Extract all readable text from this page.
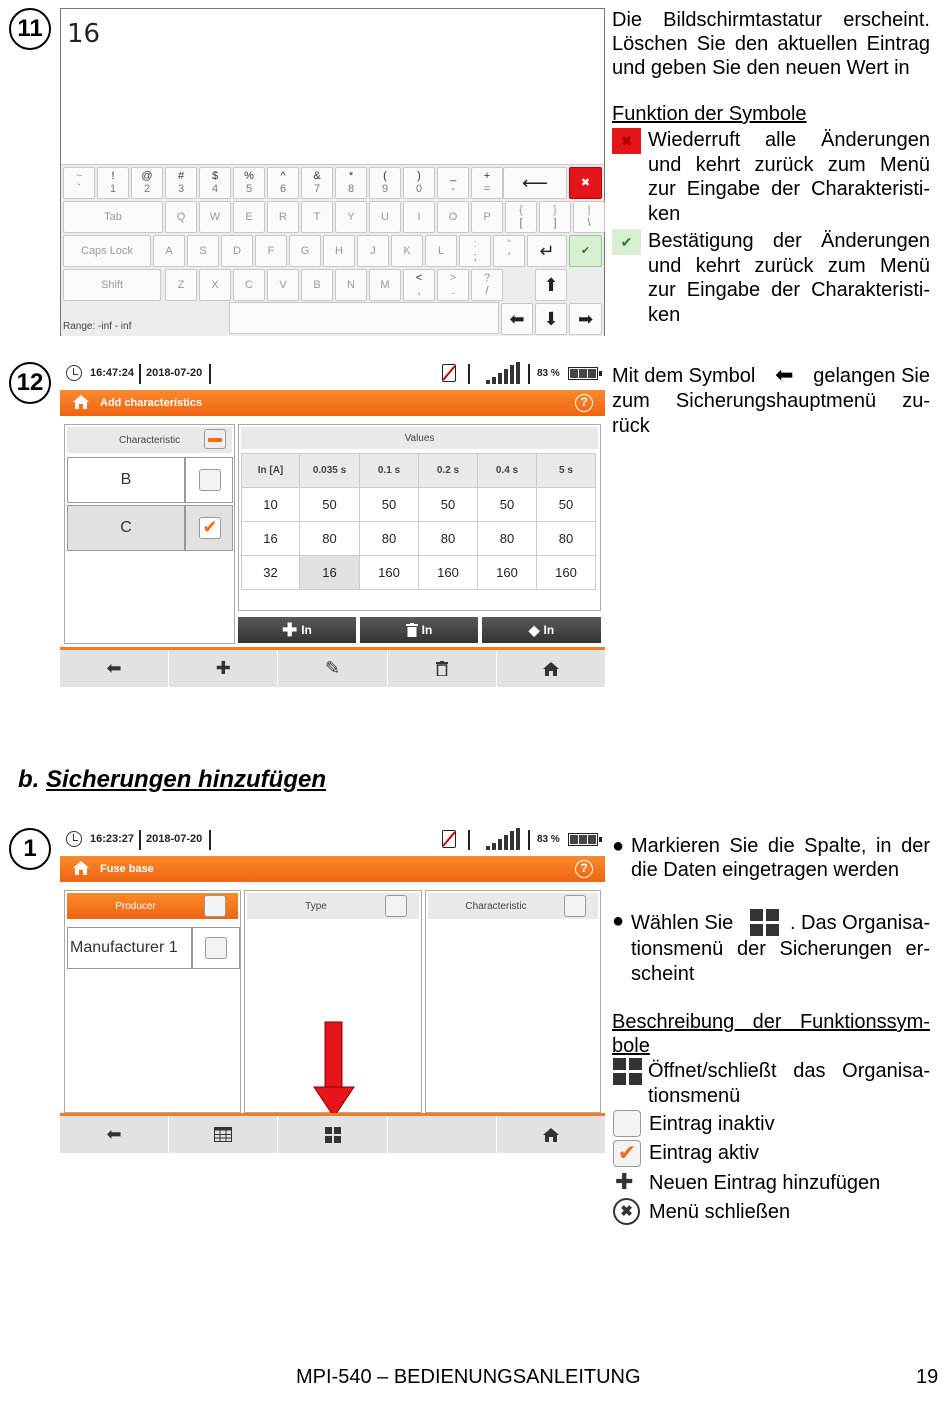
11 16
Range: -inf - inf
~
`
!
1
@
2
#
3
$
4
%
5
^
6
&
7
*
8
(
9
)
0
_
-
+
= ⟵	✖
Tab	Q W E R T Y U	I	O P
{
[
}
]
|
\
Caps Lock	A S D F G H J	K L
:
;
"
' ↵ ✔
Shift	Z X C V B N M
<
,
>
.
?
/	⬆
⬅ ⬇ ➡
Die Bildschirmtastatur erscheint. Löschen Sie den aktuellen Eintrag und geben Sie den neuen Wert in
Funktion der Symbole
✖ Wiederruft alle Änderungen
und kehrt zurück zum Menü
zur Eingabe der Charakteristi-
ken
✔ Bestätigung der Änderungen
und kehrt zurück zum Menü
zur Eingabe der Charakteristi-
ken
12	16:47:24 2018-07-20	83 %
Add characteristics	?
Characteristic
B
C	✔
Values
In [A]	0.035 s	0.1 s	0.2 s	0.4 s	5 s
10	50	50	50	50	50
16	80	80	80	80	80
32	16	160	160	160	160
✚ In	In	◆ In
⬅	✚	✎
Mit dem Symbol ⬅ gelangen Sie
zum Sicherungshauptmenü zu-
rück
b. Sicherungen hinzufügen
1	16:23:27 2018-07-20	83 %
Fuse base	?
Producer
Manufacturer 1
Type	Characteristic
⬅
● Markieren Sie die Spalte, in der
die Daten eingetragen werden
● Wählen Sie	. Das Organisa-
tionsmenü der Sicherungen er-
scheint
Beschreibung der Funktionssym-
bole
Öffnet/schließt das Organisa-
tionsmenü
Eintrag inaktiv
✔ Eintrag aktiv
✚ Neuen Eintrag hinzufügen
✖ Menü schließen
MPI-540 – BEDIENUNGSANLEITUNG	19
